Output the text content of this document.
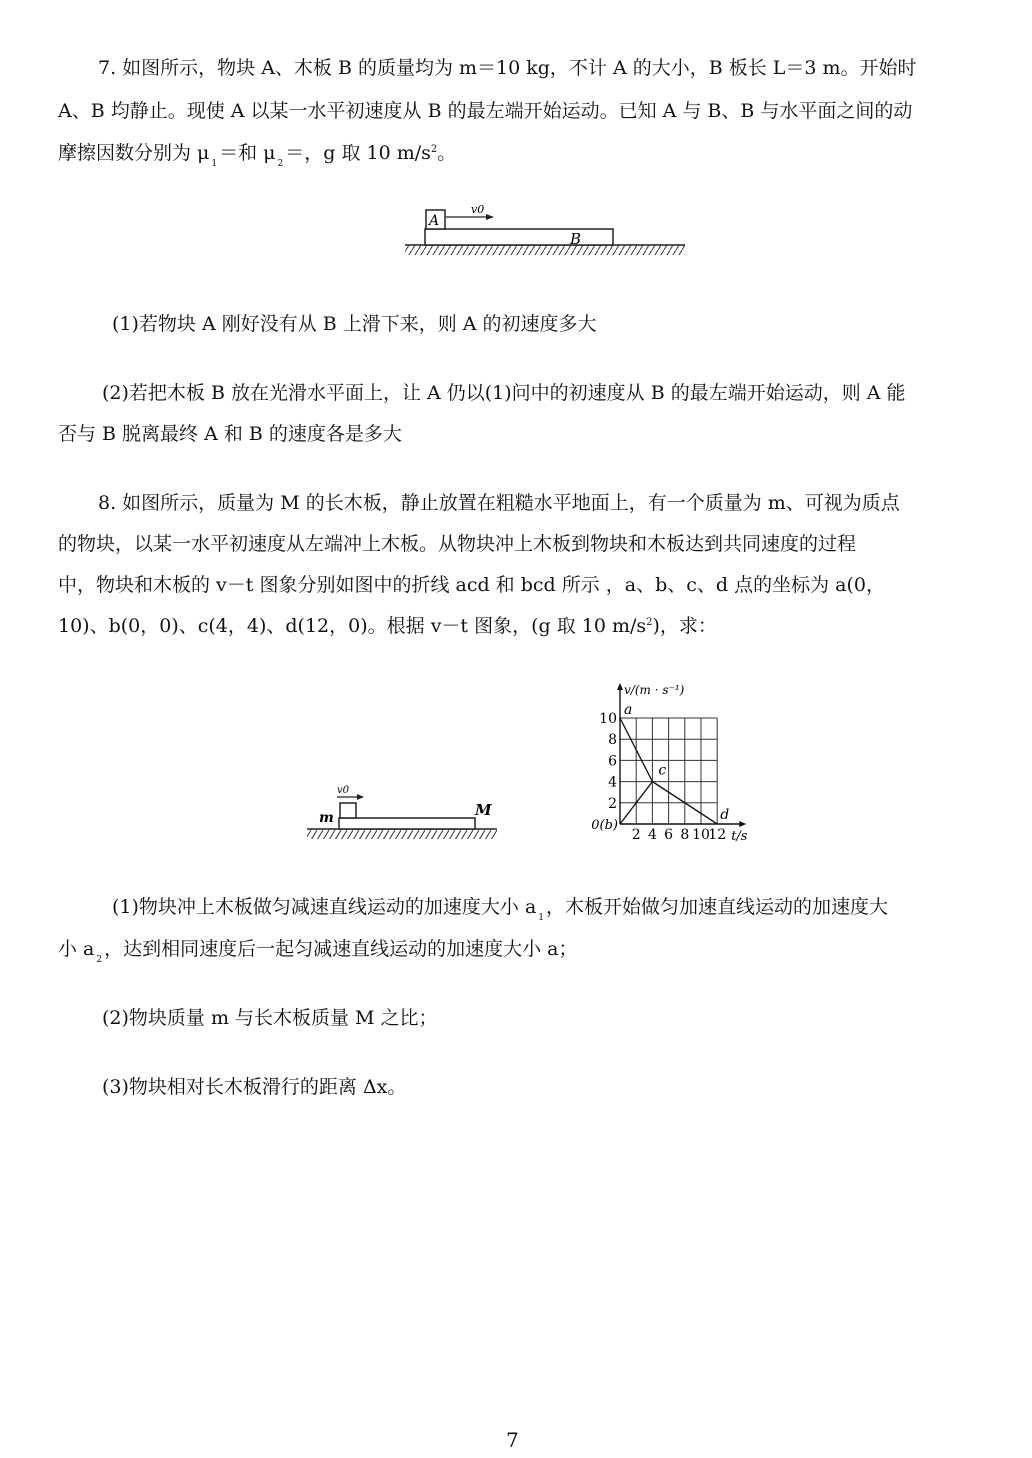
7. 如图所示，物块 A、木板 B 的质量均为 m＝10 kg，不计 A 的大小，B 板长 L＝3 m。开始时
A、B 均静止。现使 A 以某一水平初速度从 B 的最左端开始运动。已知 A 与 B、B 与水平面之间的动
摩擦因数分别为 μ $_1$ ＝和 μ $_2$ ＝，g 取 10 $m/s^2$。
A
v0
B
(1)若物块 A 刚好没有从 B 上滑下来，则 A 的初速度多大
(2)若把木板 B 放在光滑水平面上，让 A 仍以(1)问中的初速度从 B 的最左端开始运动，则 A 能
否与 B 脱离最终 A 和 B 的速度各是多大
8. 如图所示，质量为 M 的长木板，静止放置在粗糙水平地面上，有一个质量为 m、可视为质点
的物块，以某一水平初速度从左端冲上木板。从物块冲上木板到物块和木板达到共同速度的过程
中，物块和木板的 v－t 图象分别如图中的折线 acd 和 bcd 所示 ，a、b、c、d 点的坐标为 a(0，
10)、b(0，0)、c(4，4)、d(12，0)。根据 v－t 图象，(g 取 10 $m/s^2$)，求：
m
v0
M
2 4 6 8 10
12
2
4
6
8
10
0(b)
t/s
v/(m · s⁻¹)
a
c
d
(1)物块冲上木板做匀减速直线运动的加速度大小 a $_1$ ，木板开始做匀加速直线运动的加速度大
小 a $_2$ ，达到相同速度后一起匀减速直线运动的加速度大小 a；
(2)物块质量 m 与长木板质量 M 之比；
(3)物块相对长木板滑行的距离 Δx。
7
